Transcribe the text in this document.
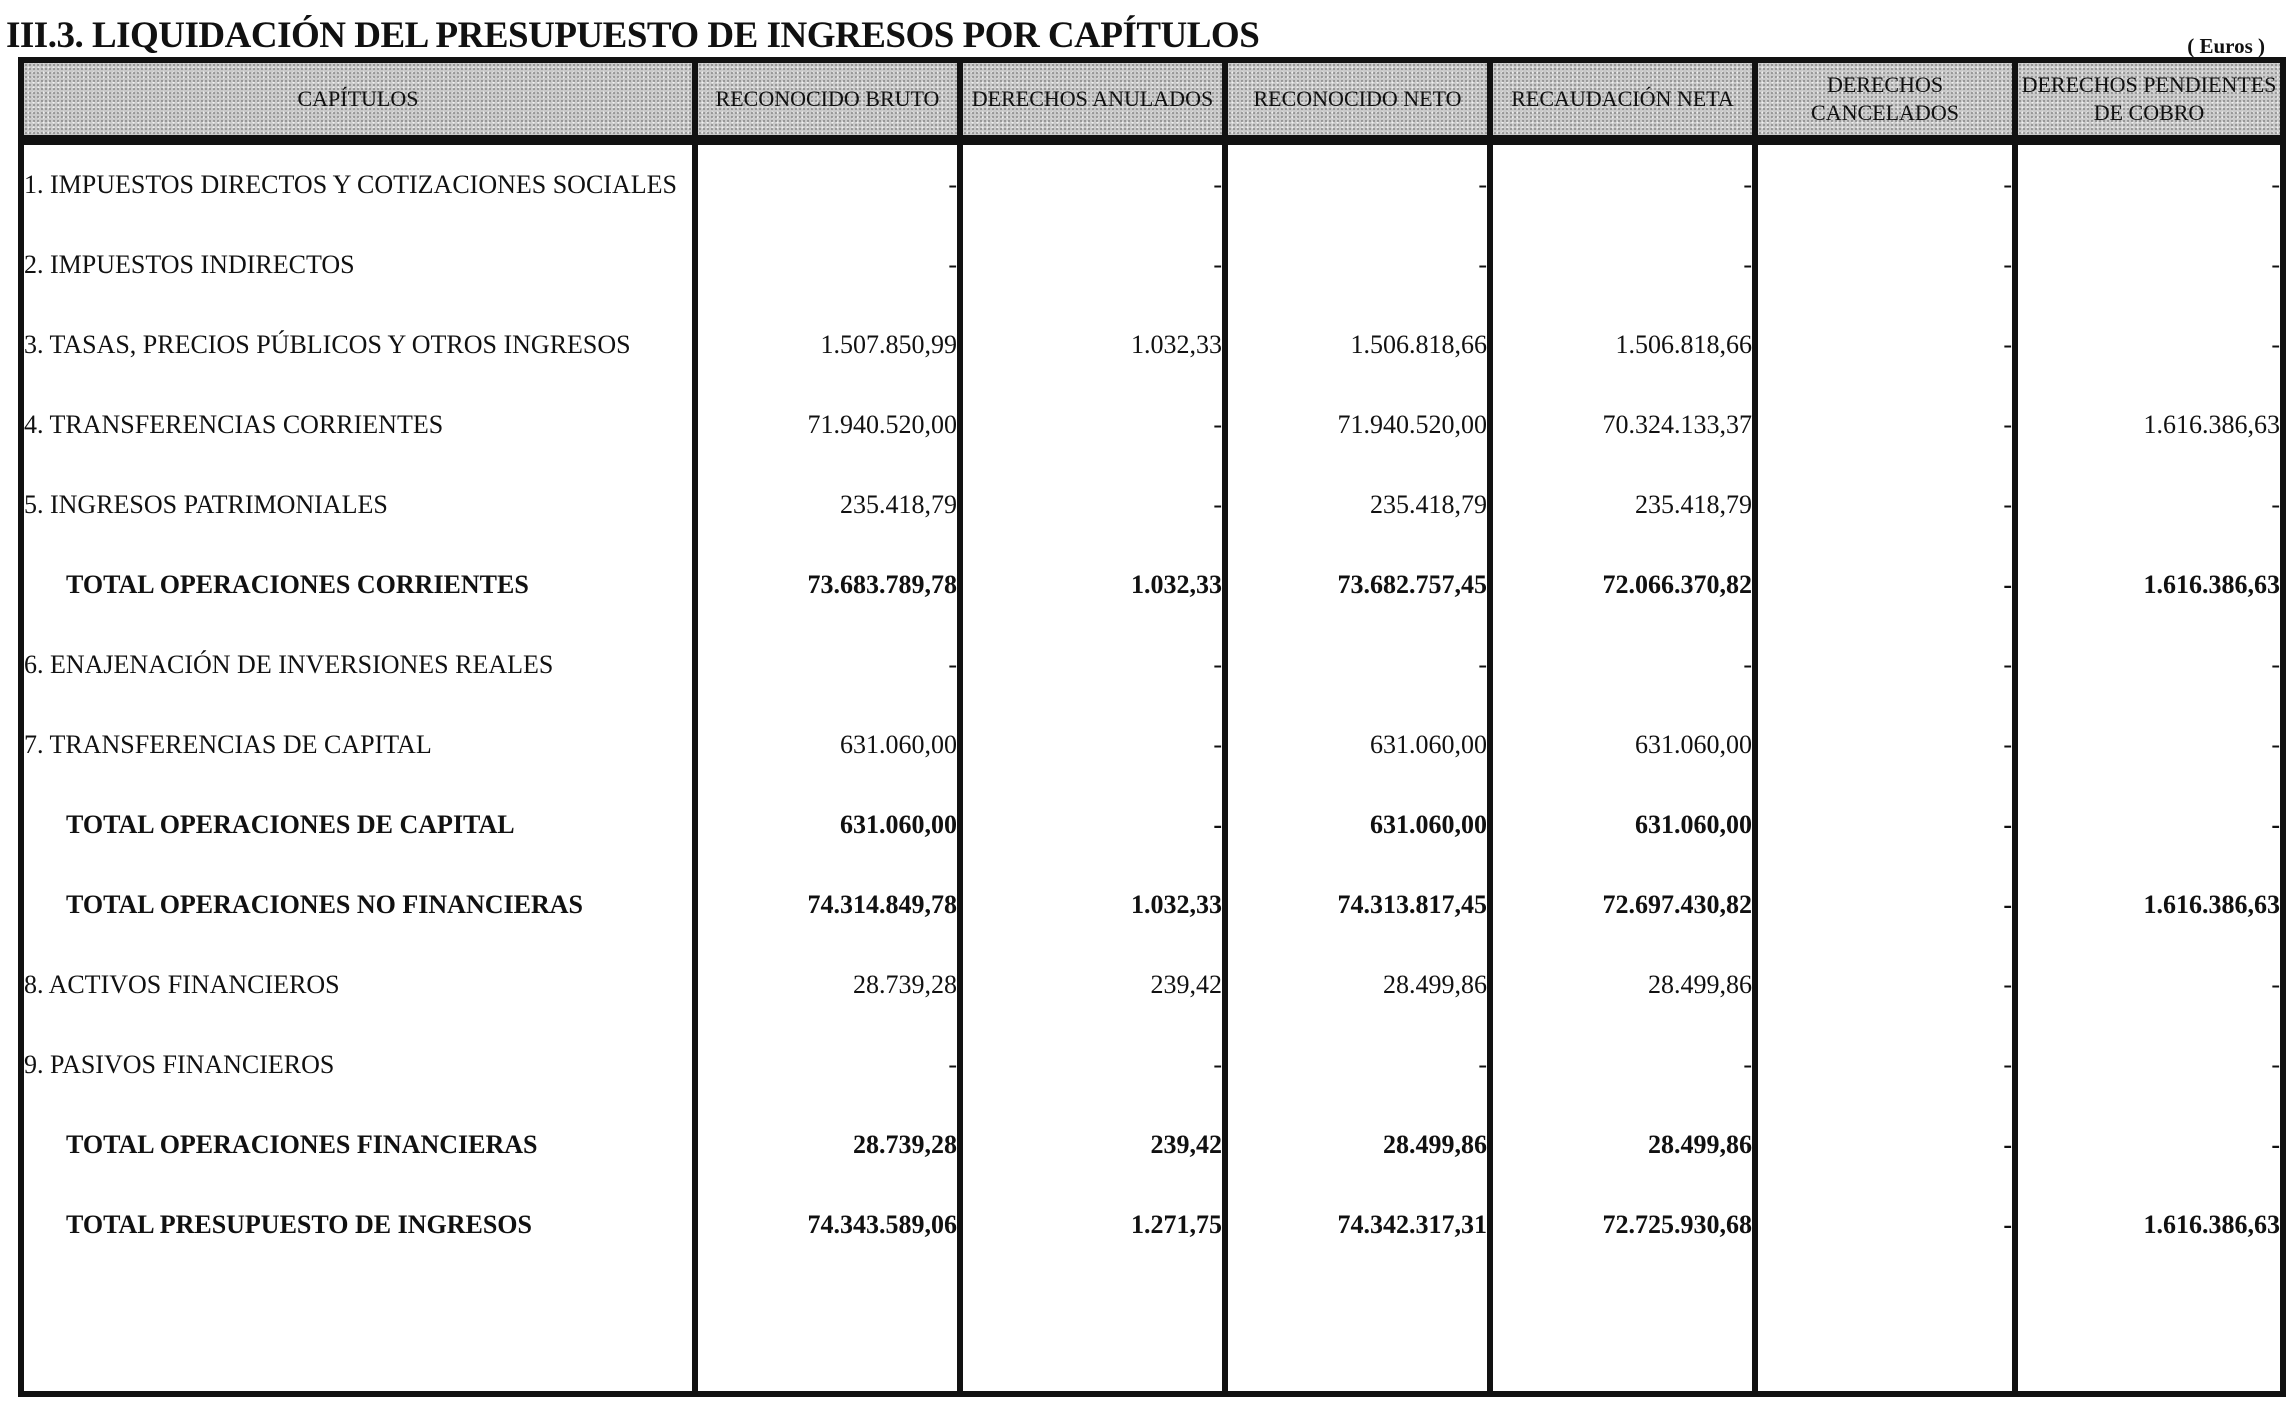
III.3. LIQUIDACIÓN DEL PRESUPUESTO DE INGRESOS POR CAPÍTULOS	( Euros )
CAPÍTULOS	RECONOCIDO BRUTO	DERECHOS ANULADOS	RECONOCIDO NETO	RECAUDACIÓN NETA	DERECHOS CANCELADOS	DERECHOS PENDIENTES DE COBRO
1. IMPUESTOS DIRECTOS Y COTIZACIONES SOCIALES	-	-	-	-	-	-
2. IMPUESTOS INDIRECTOS	-	-	-	-	-	-
3. TASAS, PRECIOS PÚBLICOS Y OTROS INGRESOS	1.507.850,99	1.032,33	1.506.818,66	1.506.818,66	-	-
4. TRANSFERENCIAS CORRIENTES	71.940.520,00	-	71.940.520,00	70.324.133,37	-	1.616.386,63
5. INGRESOS PATRIMONIALES	235.418,79	-	235.418,79	235.418,79	-	-
TOTAL OPERACIONES CORRIENTES	73.683.789,78	1.032,33	73.682.757,45	72.066.370,82	-	1.616.386,63
6. ENAJENACIÓN DE INVERSIONES REALES	-	-	-	-	-	-
7. TRANSFERENCIAS DE CAPITAL	631.060,00	-	631.060,00	631.060,00	-	-
TOTAL OPERACIONES DE CAPITAL	631.060,00	-	631.060,00	631.060,00	-	-
TOTAL OPERACIONES NO FINANCIERAS	74.314.849,78	1.032,33	74.313.817,45	72.697.430,82	-	1.616.386,63
8. ACTIVOS FINANCIEROS	28.739,28	239,42	28.499,86	28.499,86	-	-
9. PASIVOS FINANCIEROS	-	-	-	-	-	-
TOTAL OPERACIONES FINANCIERAS	28.739,28	239,42	28.499,86	28.499,86	-	-
TOTAL PRESUPUESTO DE INGRESOS	74.343.589,06	1.271,75	74.342.317,31	72.725.930,68	-	1.616.386,63
